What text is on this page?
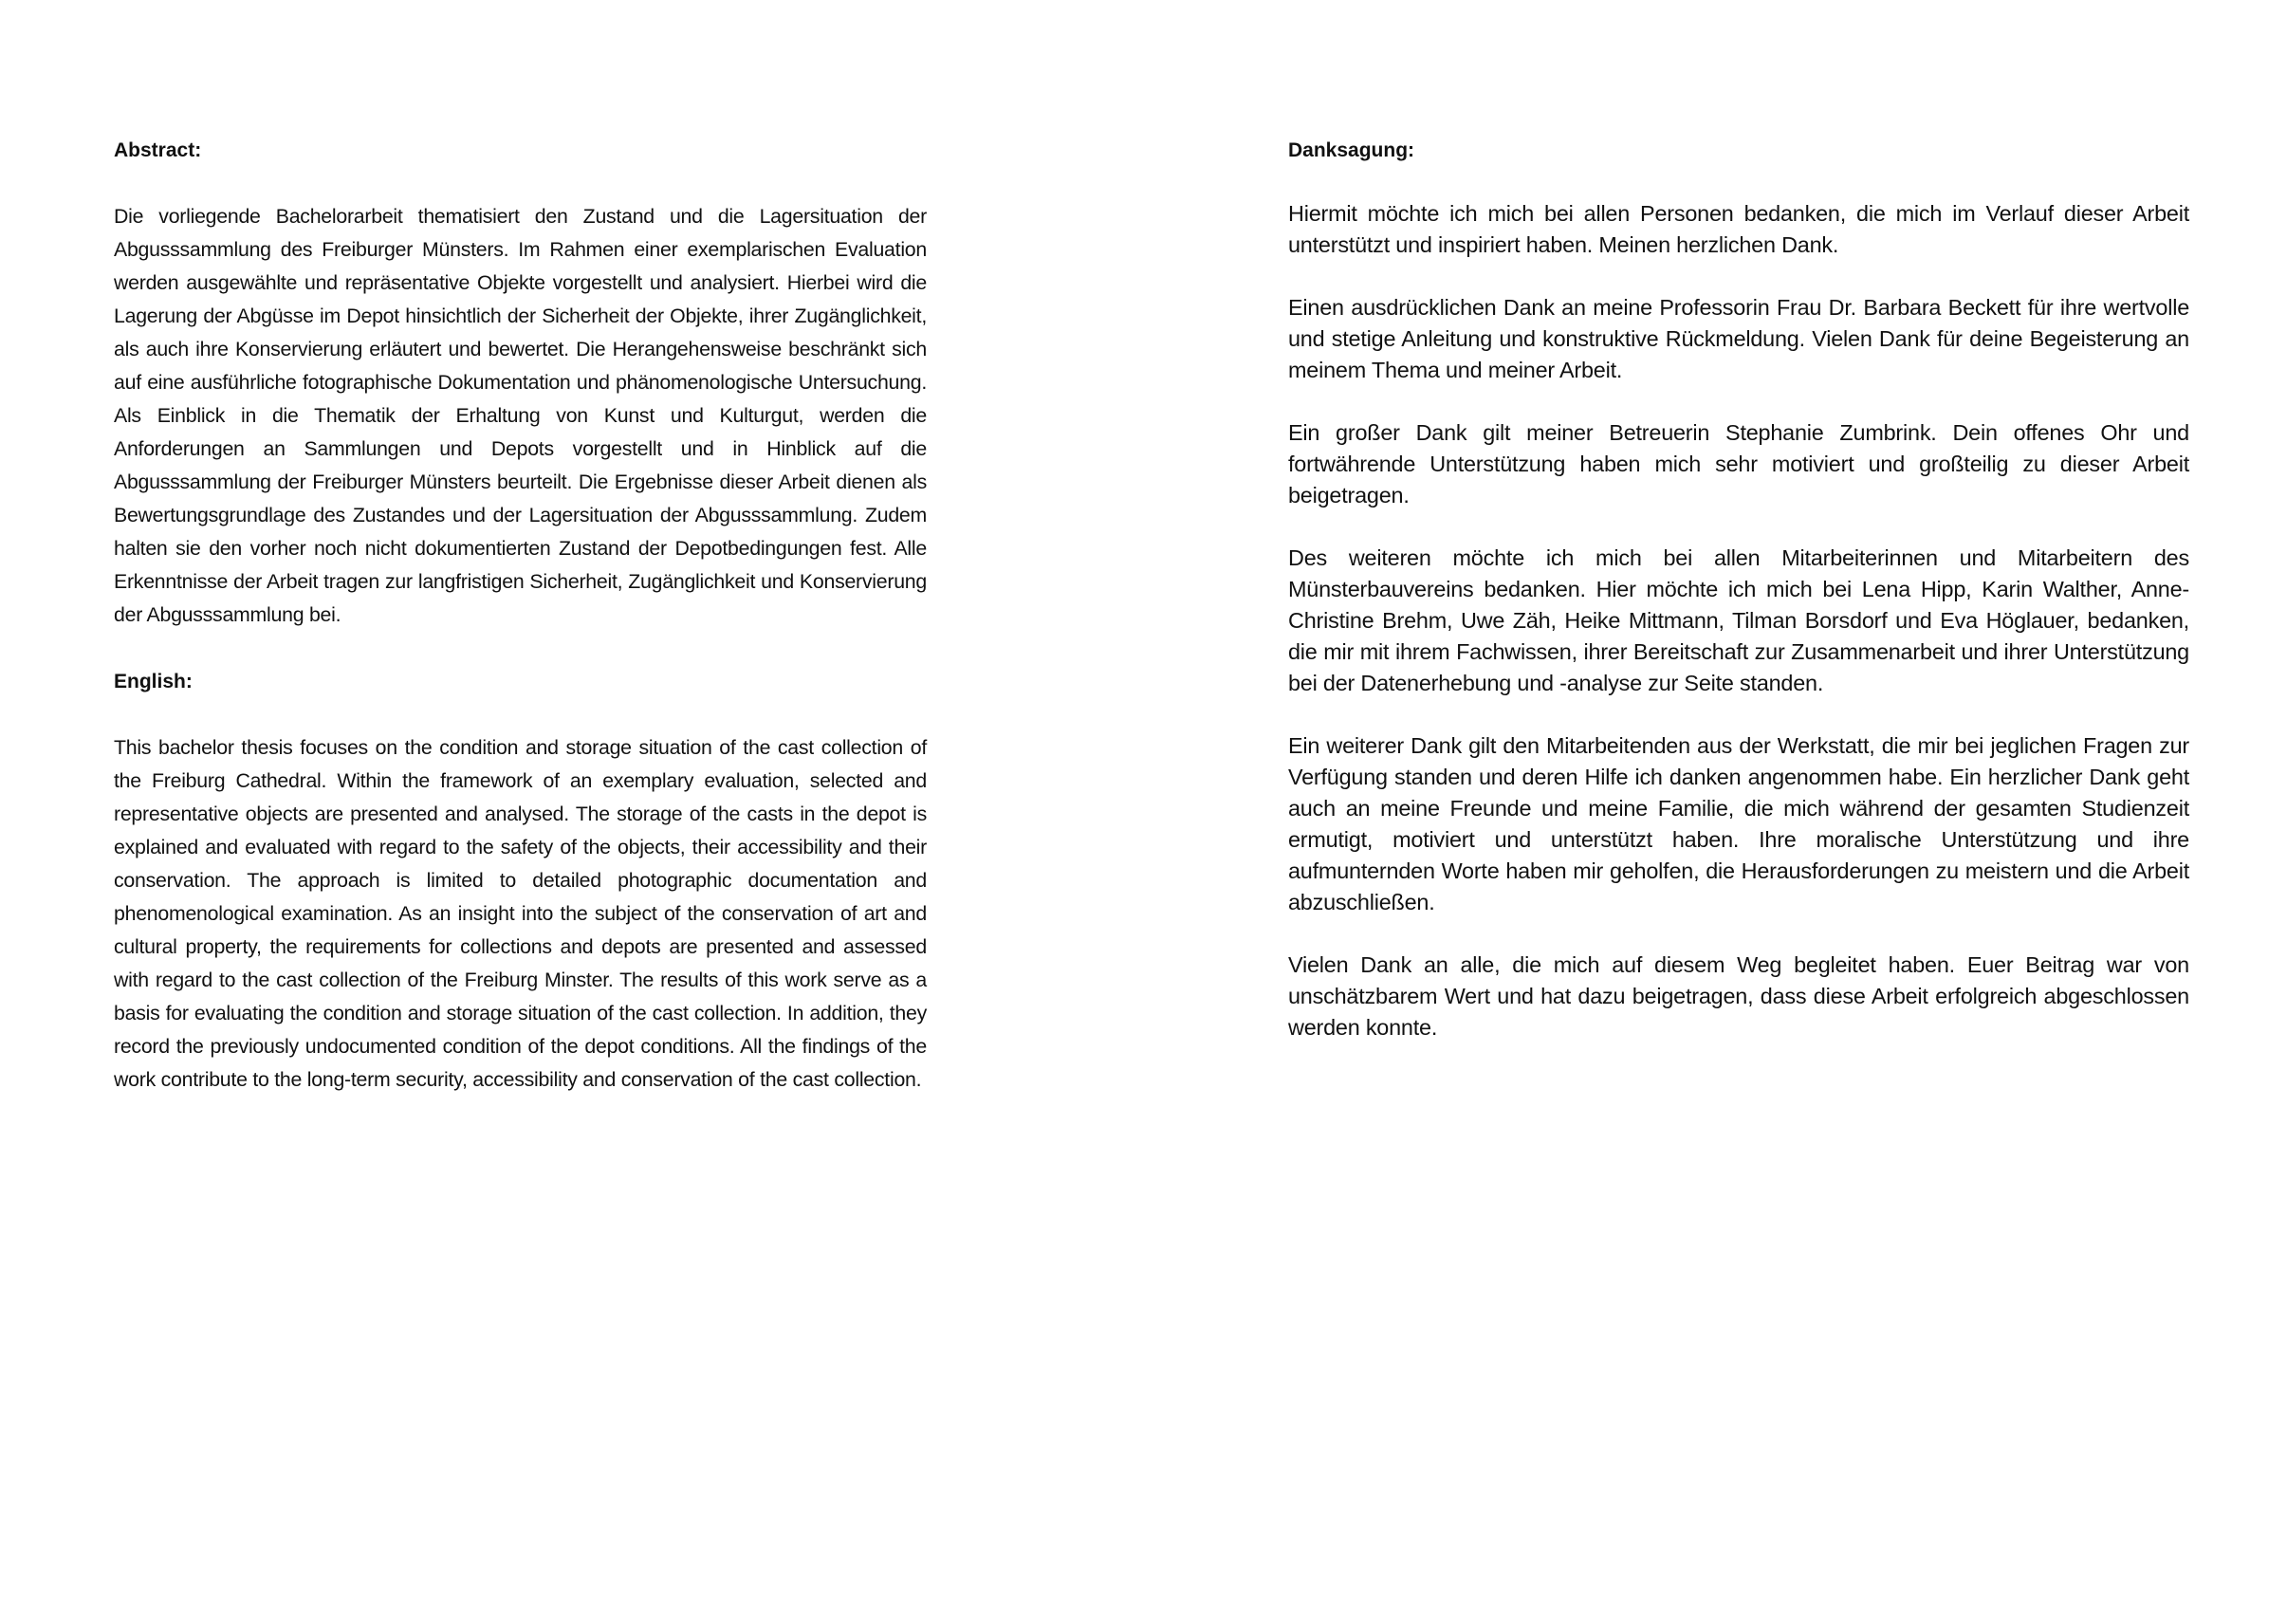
Abstract:

Die vorliegende Bachelorarbeit thematisiert den Zustand und die Lagersituation der Abgusssammlung des Freiburger Münsters. Im Rahmen einer exemplarischen Evaluation werden ausgewählte und repräsentative Objekte vorgestellt und analysiert. Hierbei wird die Lagerung der Abgüsse im Depot hinsichtlich der Sicherheit der Objekte, ihrer Zugänglichkeit, als auch ihre Konservierung erläutert und bewertet. Die Herangehensweise beschränkt sich auf eine ausführliche fotographische Dokumentation und phänomenologische Untersuchung. Als Einblick in die Thematik der Erhaltung von Kunst und Kulturgut, werden die Anforderungen an Sammlungen und Depots vorgestellt und in Hinblick auf die Abgusssammlung der Freiburger Münsters beurteilt. Die Ergebnisse dieser Arbeit dienen als Bewertungsgrundlage des Zustandes und der Lagersituation der Abgusssammlung. Zudem halten sie den vorher noch nicht dokumentierten Zustand der Depotbedingungen fest. Alle Erkenntnisse der Arbeit tragen zur langfristigen Sicherheit, Zugänglichkeit und Konservierung der Abgusssammlung bei.

English:

This bachelor thesis focuses on the condition and storage situation of the cast collection of the Freiburg Cathedral. Within the framework of an exemplary evaluation, selected and representative objects are presented and analysed. The storage of the casts in the depot is explained and evaluated with regard to the safety of the objects, their accessibility and their conservation. The approach is limited to detailed photographic documentation and phenomenological examination. As an insight into the subject of the conservation of art and cultural property, the requirements for collections and depots are presented and assessed with regard to the cast collection of the Freiburg Minster. The results of this work serve as a basis for evaluating the condition and storage situation of the cast collection. In addition, they record the previously undocumented condition of the depot conditions. All the findings of the work contribute to the long-term security, accessibility and conservation of the cast collection.

Danksagung:

Hiermit möchte ich mich bei allen Personen bedanken, die mich im Verlauf dieser Arbeit unterstützt und inspiriert haben. Meinen herzlichen Dank.

Einen ausdrücklichen Dank an meine Professorin Frau Dr. Barbara Beckett für ihre wertvolle und stetige Anleitung und konstruktive Rückmeldung. Vielen Dank für deine Begeisterung an meinem Thema und meiner Arbeit.

Ein großer Dank gilt meiner Betreuerin Stephanie Zumbrink. Dein offenes Ohr und fortwährende Unterstützung haben mich sehr motiviert und großteilig zu dieser Arbeit beigetragen.

Des weiteren möchte ich mich bei allen Mitarbeiterinnen und Mitarbeitern des Münsterbauvereins bedanken. Hier möchte ich mich bei Lena Hipp, Karin Walther, Anne-Christine Brehm, Uwe Zäh, Heike Mittmann, Tilman Borsdorf und Eva Höglauer, bedanken, die mir mit ihrem Fachwissen, ihrer Bereitschaft zur Zusammenarbeit und ihrer Unterstützung bei der Datenerhebung und -analyse zur Seite standen.

Ein weiterer Dank gilt den Mitarbeitenden aus der Werkstatt, die mir bei jeglichen Fragen zur Verfügung standen und deren Hilfe ich danken angenommen habe. Ein herzlicher Dank geht auch an meine Freunde und meine Familie, die mich während der gesamten Studienzeit ermutigt, motiviert und unterstützt haben. Ihre moralische Unterstützung und ihre aufmunternden Worte haben mir geholfen, die Herausforderungen zu meistern und die Arbeit abzuschließen.

Vielen Dank an alle, die mich auf diesem Weg begleitet haben. Euer Beitrag war von unschätzbarem Wert und hat dazu beigetragen, dass diese Arbeit erfolgreich abgeschlossen werden konnte.
